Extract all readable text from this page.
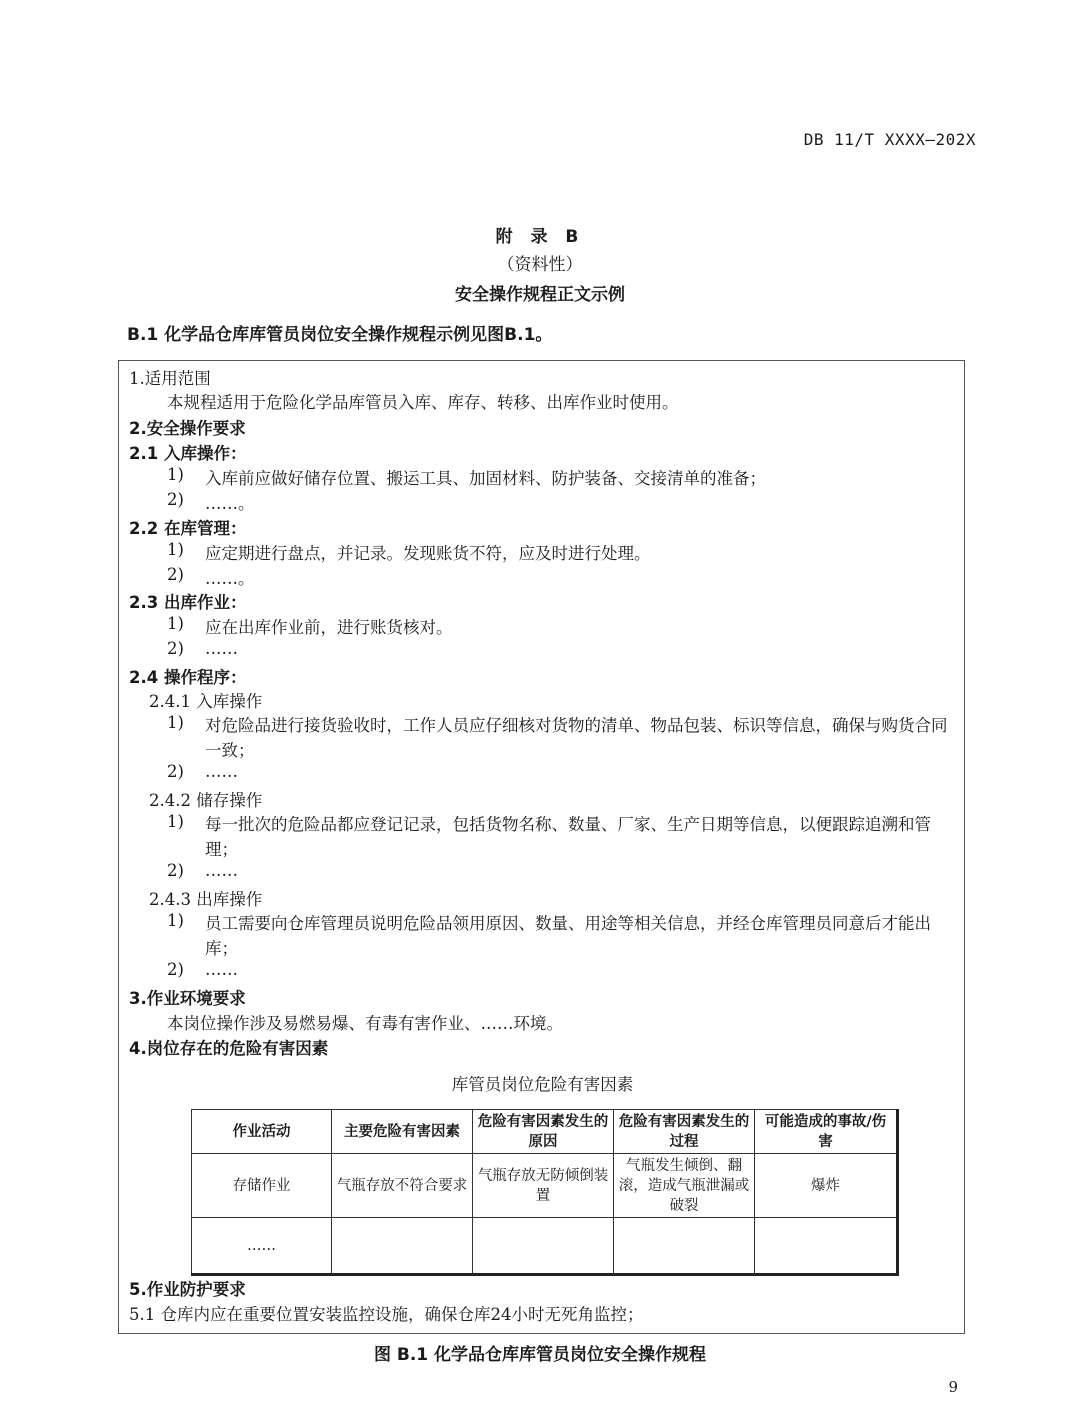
DB 11/T XXXX—202X
附 录 B
（资料性）
安全操作规程正文示例
B.1 化学品仓库库管员岗位安全操作规程示例见图B.1。
1.适用范围
本规程适用于危险化学品库管员入库、库存、转移、出库作业时使用。
2.安全操作要求
2.1 入库操作：
1) 入库前应做好储存位置、搬运工具、加固材料、防护装备、交接清单的准备；
2) ……。
2.2 在库管理：
1) 应定期进行盘点，并记录。发现账货不符，应及时进行处理。
2) ……。
2.3 出库作业：
1) 应在出库作业前，进行账货核对。
2) ……
2.4 操作程序：
2.4.1 入库操作
1) 对危险品进行接货验收时，工作人员应仔细核对货物的清单、物品包装、标识等信息，确保与购货合同一致；
2) ……
2.4.2 储存操作
1) 每一批次的危险品都应登记记录，包括货物名称、数量、厂家、生产日期等信息，以便跟踪追溯和管理；
2) ……
2.4.3 出库操作
1) 员工需要向仓库管理员说明危险品领用原因、数量、用途等相关信息，并经仓库管理员同意后才能出库；
2) ……
3.作业环境要求
本岗位操作涉及易燃易爆、有毒有害作业、……环境。
4.岗位存在的危险有害因素
库管员岗位危险有害因素
作业活动	主要危险有害因素	危险有害因素发生的原因	危险有害因素发生的过程	可能造成的事故/伤害
存储作业	气瓶存放不符合要求	气瓶存放无防倾倒装置	气瓶发生倾倒、翻滚，造成气瓶泄漏或破裂	爆炸
……				
5.作业防护要求
5.1 仓库内应在重要位置安装监控设施，确保仓库24小时无死角监控；
图 B.1 化学品仓库库管员岗位安全操作规程
9
